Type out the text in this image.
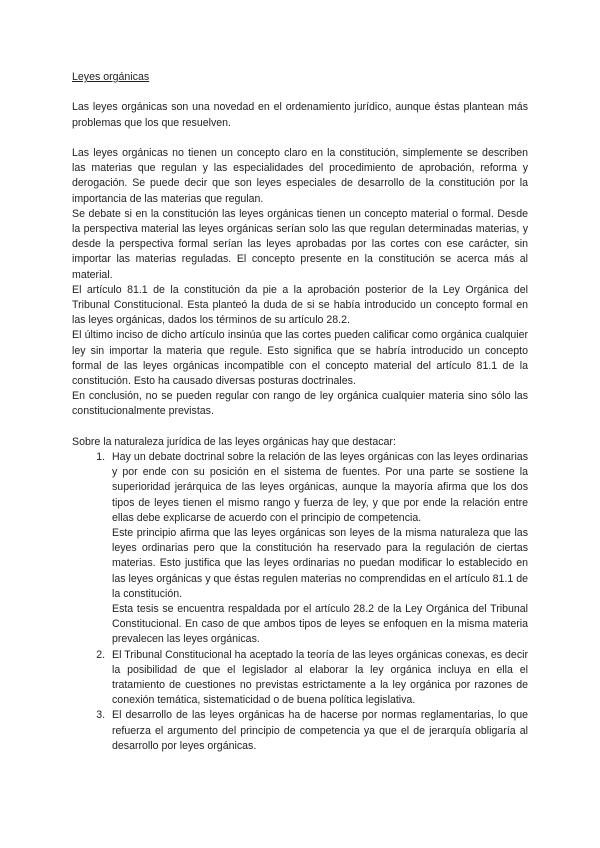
Leyes orgánicas

Las leyes orgánicas son una novedad en el ordenamiento jurídico, aunque éstas plantean más problemas que los que resuelven.

Las leyes orgánicas no tienen un concepto claro en la constitución, simplemente se describen las materias que regulan y las especialidades del procedimiento de aprobación, reforma y derogación. Se puede decir que son leyes especiales de desarrollo de la constitución por la importancia de las materias que regulan.

Se debate si en la constitución las leyes orgánicas tienen un concepto material o formal. Desde la perspectiva material las leyes orgánicas serían solo las que regulan determinadas materias, y desde la perspectiva formal serían las leyes aprobadas por las cortes con ese carácter, sin importar las materias reguladas. El concepto presente en la constitución se acerca más al material.

El artículo 81.1 de la constitución da pie a la aprobación posterior de la Ley Orgánica del Tribunal Constitucional. Esta planteó la duda de si se había introducido un concepto formal en las leyes orgánicas, dados los términos de su artículo 28.2.

El último inciso de dicho artículo insinúa que las cortes pueden calificar como orgánica cualquier ley sin importar la materia que regule. Esto significa que se habría introducido un concepto formal de las leyes orgánicas incompatible con el concepto material del artículo 81.1 de la constitución. Esto ha causado diversas posturas doctrinales.

En conclusión, no se pueden regular con rango de ley orgánica cualquier materia sino sólo las constitucionalmente previstas.

Sobre la naturaleza jurídica de las leyes orgánicas hay que destacar:

1. Hay un debate doctrinal sobre la relación de las leyes orgánicas con las leyes ordinarias y por ende con su posición en el sistema de fuentes. Por una parte se sostiene la superioridad jerárquica de las leyes orgánicas, aunque la mayoría afirma que los dos tipos de leyes tienen el mismo rango y fuerza de ley, y que por ende la relación entre ellas debe explicarse de acuerdo con el principio de competencia.

Este principio afirma que las leyes orgánicas son leyes de la misma naturaleza que las leyes ordinarias pero que la constitución ha reservado para la regulación de ciertas materias. Esto justifica que las leyes ordinarias no puedan modificar lo establecido en las leyes orgánicas y que éstas regulen materias no comprendidas en el artículo 81.1 de la constitución.

Esta tesis se encuentra respaldada por el artículo 28.2 de la Ley Orgánica del Tribunal Constitucional. En caso de que ambos tipos de leyes se enfoquen en la misma materia prevalecen las leyes orgánicas.

2. El Tribunal Constitucional ha aceptado la teoría de las leyes orgánicas conexas, es decir la posibilidad de que el legislador al elaborar la ley orgánica incluya en ella el tratamiento de cuestiones no previstas estrictamente a la ley orgánica por razones de conexión temática, sistematicidad o de buena política legislativa.

3. El desarrollo de las leyes orgánicas ha de hacerse por normas reglamentarias, lo que refuerza el argumento del principio de competencia ya que el de jerarquía obligaría al desarrollo por leyes orgánicas.
